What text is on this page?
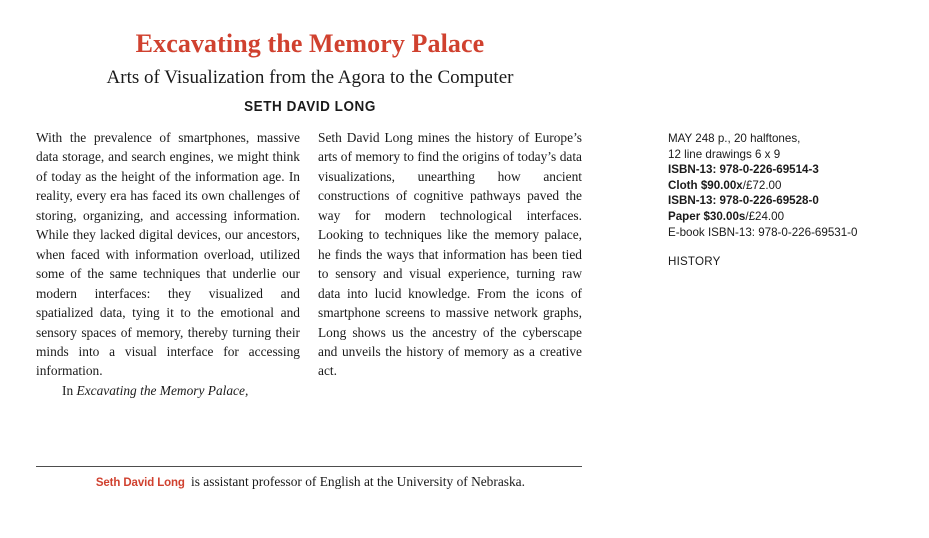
Excavating the Memory Palace
Arts of Visualization from the Agora to the Computer
SETH DAVID LONG

With the prevalence of smartphones, massive data storage, and search engines, we might think of today as the height of the information age. In reality, every era has faced its own challenges of storing, organizing, and accessing information. While they lacked digital devices, our ancestors, when faced with information overload, utilized some of the same techniques that underlie our modern interfaces: they visualized and spatialized data, tying it to the emotional and sensory spaces of memory, thereby turning their minds into a visual interface for accessing information.

In Excavating the Memory Palace,

Seth David Long mines the history of Europe’s arts of memory to find the origins of today’s data visualizations, unearthing how ancient constructions of cognitive pathways paved the way for modern technological interfaces. Looking to techniques like the memory palace, he finds the ways that information has been tied to sensory and visual experience, turning raw data into lucid knowledge. From the icons of smartphone screens to massive network graphs, Long shows us the ancestry of the cyberscape and unveils the history of memory as a creative act.

Seth David Long is assistant professor of English at the University of Nebraska.
MAY 248 p., 20 halftones,
12 line drawings 6 x 9
ISBN-13: 978-0-226-69514-3
Cloth $90.00x/£72.00
ISBN-13: 978-0-226-69528-0
Paper $30.00s/£24.00
E-book ISBN-13: 978-0-226-69531-0
HISTORY
